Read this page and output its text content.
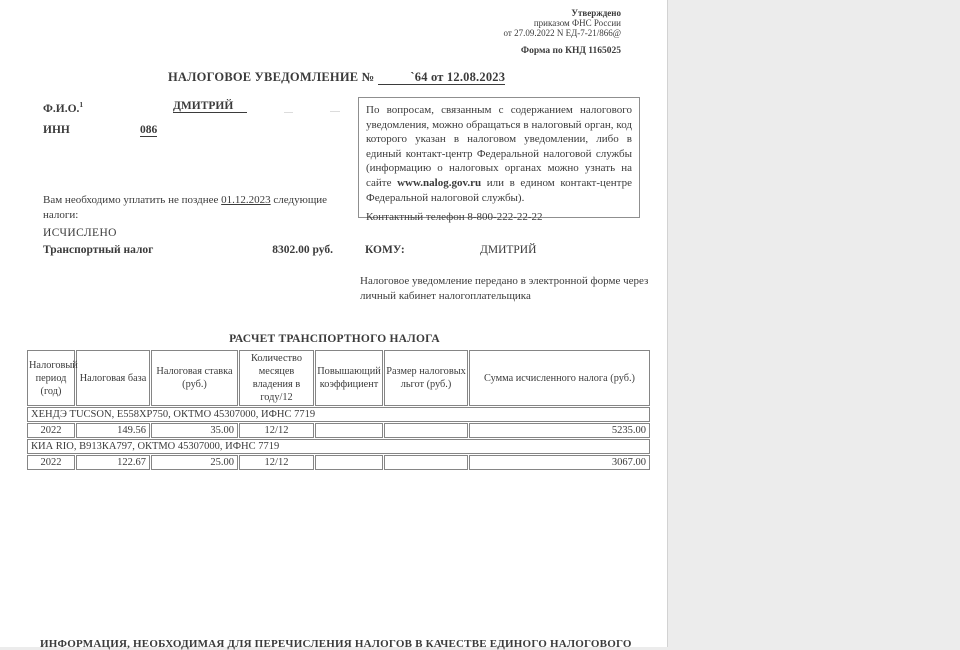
Утверждено
приказом ФНС России
от 27.09.2022 N ЕД-7-21/866@
Форма по КНД 1165025
НАЛОГОВОЕ УВЕДОМЛЕНИЕ №	`64 от 12.08.2023
Ф.И.О.$^1$	ДМИТРИЙ
ИНН	086

По вопросам, связанным с содержанием налогового уведомления, можно обращаться в налоговый орган, код которого указан в налоговом уведомлении, либо в единый контакт-центр Федеральной налоговой службы (информацию о налоговых органах можно узнать на сайте www.nalog.gov.ru или в едином контакт-центре Федеральной налоговой службы).

Контактный телефон 8-800-222-22-22

Вам необходимо уплатить не позднее 01.12.2023 следующие налоги:
ИСЧИСЛЕНО
Транспортный налог	8302.00 руб.	КОМУ:	ДМИТРИЙ
Налоговое уведомление передано в электронной форме через личный кабинет налогоплательщика
РАСЧЕТ ТРАНСПОРТНОГО НАЛОГА
Налоговый период (год)	Налоговая база	Налоговая ставка (руб.)	Количество месяцев владения в году/12	Повышающий коэффициент	Размер налоговых льгот (руб.)	Сумма исчисленного налога (руб.)
ХЕНДЭ TUCSON, Е558ХР750, ОКТМО 45307000, ИФНС 7719						
2022	149.56	35.00	12/12			5235.00
КИА RIO, В913КА797, ОКТМО 45307000, ИФНС 7719						
2022	122.67	25.00	12/12			3067.00
ИНФОРМАЦИЯ, НЕОБХОДИМАЯ ДЛЯ ПЕРЕЧИСЛЕНИЯ НАЛОГОВ В КАЧЕСТВЕ ЕДИНОГО НАЛОГОВОГО
